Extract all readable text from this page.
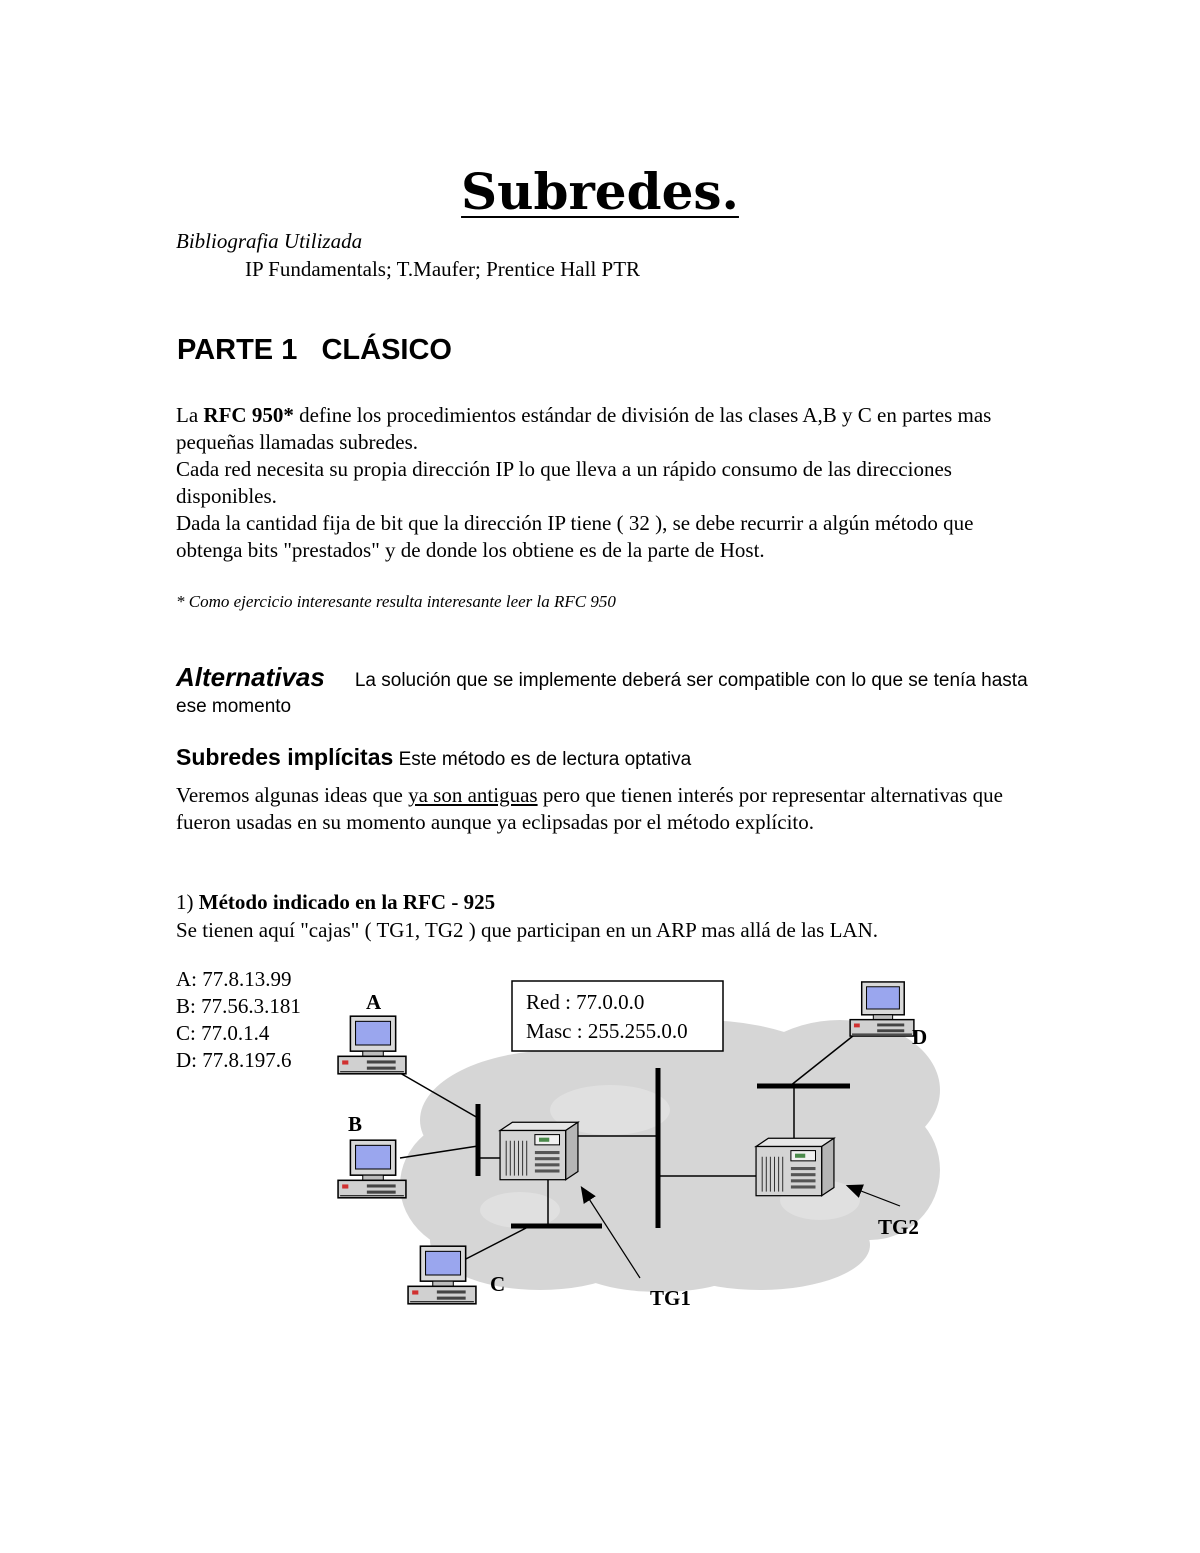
Subredes.
Bibliografia Utilizada
IP Fundamentals; T.Maufer; Prentice Hall PTR
PARTE 1   CLÁSICO

La RFC 950* define los procedimientos estándar de división de las clases A,B y C en partes mas pequeñas llamadas subredes.

Cada red necesita su propia dirección IP lo que lleva a un rápido consumo de las direcciones disponibles.

Dada la cantidad fija de bit que la dirección IP tiene ( 32 ), se debe recurrir a algún método que obtenga bits "prestados" y de donde los obtiene es de la parte de Host.

* Como ejercicio interesante resulta interesante leer la RFC 950
Alternativas La solución que se implemente deberá ser compatible con lo que se tenía hasta ese momento
Subredes implícitas Este método es de lectura optativa
Veremos algunas ideas que ya son antiguas pero que tienen interés por representar alternativas que fueron usadas en su momento aunque ya eclipsadas por el método explícito.
1) Método indicado en la RFC - 925
Se tienen aquí "cajas" ( TG1, TG2 ) que participan en un ARP mas allá de las LAN.
A: 77.8.13.99
B: 77.56.3.181
C: 77.0.1.4
D: 77.8.197.6
Red : 77.0.0.0
Masc : 255.255.0.0
A
B
C
D
TG1
TG2
